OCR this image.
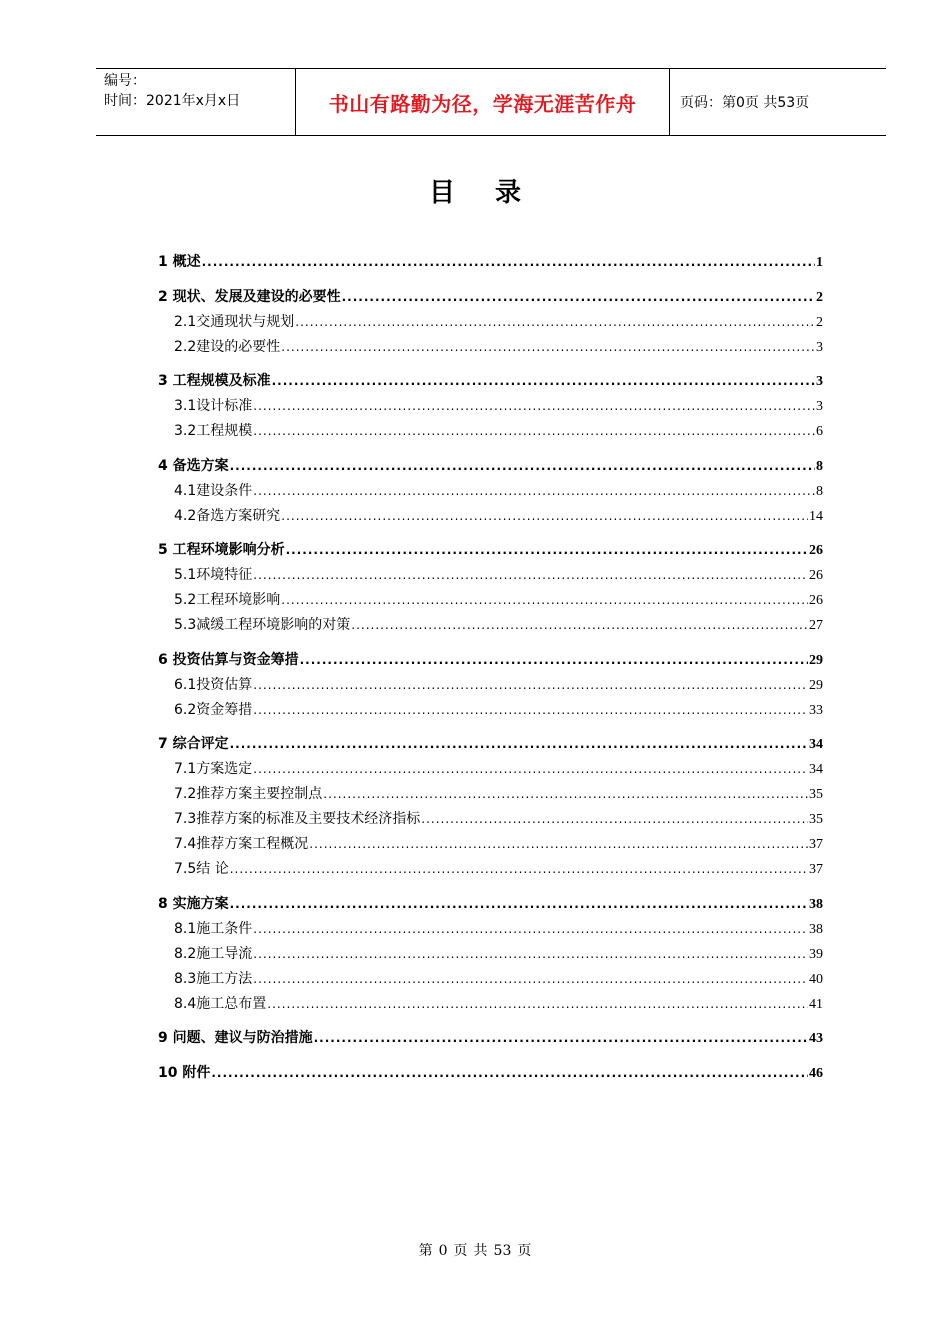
编号：
时间：2021年x月x日	书山有路勤为径，学海无涯苦作舟	页码：第0页 共53页
目录
1 概述 .....	1
2 现状、发展及建设的必要性 .....	2
2.1交通现状与规划 .....	2
2.2建设的必要性 .....	3
3 工程规模及标准 .....	3
3.1设计标准 .....	3
3.2工程规模 .....	6
4 备选方案 .....	8
4.1建设条件 .....	8
4.2备选方案研究 .....	14
5 工程环境影响分析 .....	26
5.1环境特征 .....	26
5.2工程环境影响 .....	26
5.3减缓工程环境影响的对策 .....	27
6 投资估算与资金筹措 .....	29
6.1投资估算 .....	29
6.2资金筹措 .....	33
7 综合评定 .....	34
7.1方案选定 .....	34
7.2推荐方案主要控制点 .....	35
7.3推荐方案的标准及主要技术经济指标 .....	35
7.4推荐方案工程概况 .....	37
7.5结 论 .....	37
8 实施方案 .....	38
8.1施工条件 .....	38
8.2施工导流 .....	39
8.3施工方法 .....	40
8.4施工总布置 .....	41
9 问题、建议与防治措施 .....	43
10 附件 .....	46
第 0 页 共 53 页
